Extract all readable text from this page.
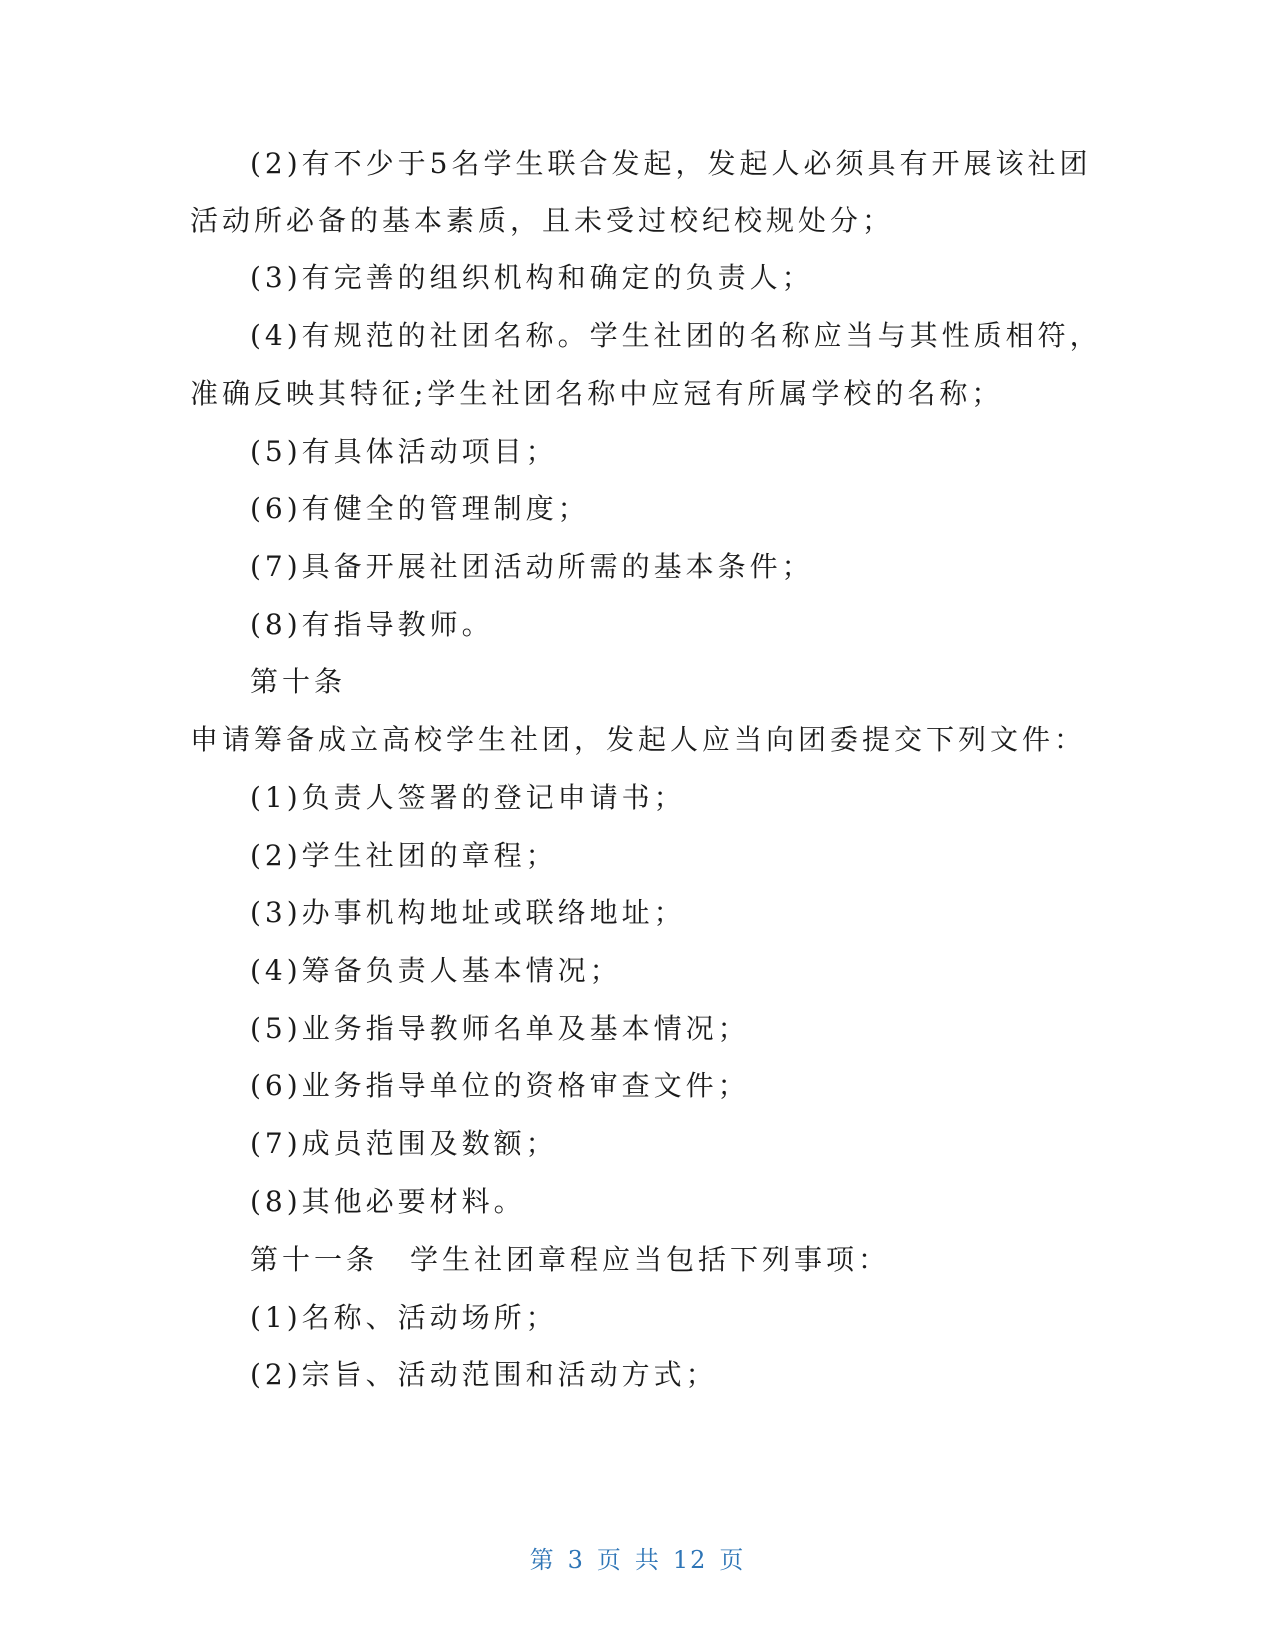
(2)有不少于5名学生联合发起，发起人必须具有开展该社团
活动所必备的基本素质，且未受过校纪校规处分；
(3)有完善的组织机构和确定的负责人；
(4)有规范的社团名称。学生社团的名称应当与其性质相符，
准确反映其特征;学生社团名称中应冠有所属学校的名称；
(5)有具体活动项目；
(6)有健全的管理制度；
(7)具备开展社团活动所需的基本条件；
(8)有指导教师。
第十条
申请筹备成立高校学生社团，发起人应当向团委提交下列文件：
(1)负责人签署的登记申请书；
(2)学生社团的章程；
(3)办事机构地址或联络地址；
(4)筹备负责人基本情况；
(5)业务指导教师名单及基本情况；
(6)业务指导单位的资格审查文件；
(7)成员范围及数额；
(8)其他必要材料。
第十一条　学生社团章程应当包括下列事项：
(1)名称、活动场所；
(2)宗旨、活动范围和活动方式；
第 3 页 共 12 页
